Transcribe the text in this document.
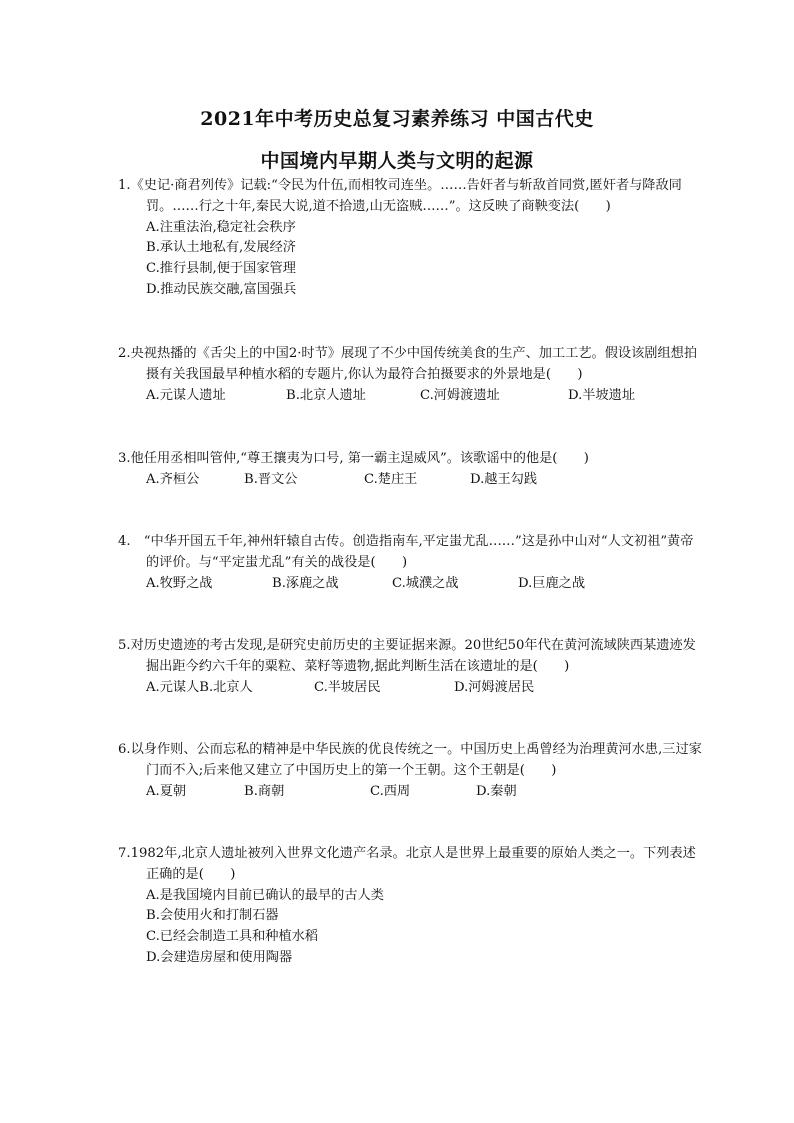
2021年中考历史总复习素养练习 中国古代史
中国境内早期人类与文明的起源
1.《史记·商君列传》记载:“令民为什伍,而相牧司连坐。……告奸者与斩敌首同赏,匿奸者与降敌同罚。……行之十年,秦民大说,道不拾遗,山无盗贼……”。这反映了商鞅变法(　　)
A.注重法治,稳定社会秩序
B.承认土地私有,发展经济
C.推行县制,便于国家管理
D.推动民族交融,富国强兵
2.央视热播的《舌尖上的中国2·时节》展现了不少中国传统美食的生产、加工工艺。假设该剧组想拍摄有关我国最早种植水稻的专题片,你认为最符合拍摄要求的外景地是(　　)
A.元谋人遗址	B.北京人遗址	C.河姆渡遗址	D.半坡遗址
3.他任用丞相叫管仲,“尊王攘夷为口号, 第一霸主逞威风”。该歌谣中的他是(　　)
A.齐桓公	B.晋文公	C.楚庄王	D.越王勾践
4.　“中华开国五千年,神州轩辕自古传。创造指南车,平定蚩尤乱……”这是孙中山对“人文初祖”黄帝的评价。与“平定蚩尤乱”有关的战役是(　　)
A.牧野之战	B.涿鹿之战	C.城濮之战	D.巨鹿之战
5.对历史遗迹的考古发现,是研究史前历史的主要证据来源。20世纪50年代在黄河流域陕西某遗迹发掘出距今约六千年的粟粒、菜籽等遗物,据此判断生活在该遗址的是(　　)
A.元谋人B.北京人	C.半坡居民	D.河姆渡居民
6.以身作则、公而忘私的精神是中华民族的优良传统之一。中国历史上禹曾经为治理黄河水患,三过家门而不入;后来他又建立了中国历史上的第一个王朝。这个王朝是(　　)
A.夏朝	B.商朝	C.西周	D.秦朝
7.1982年,北京人遗址被列入世界文化遗产名录。北京人是世界上最重要的原始人类之一。下列表述正确的是(　　)
A.是我国境内目前已确认的最早的古人类
B.会使用火和打制石器
C.已经会制造工具和种植水稻
D.会建造房屋和使用陶器
